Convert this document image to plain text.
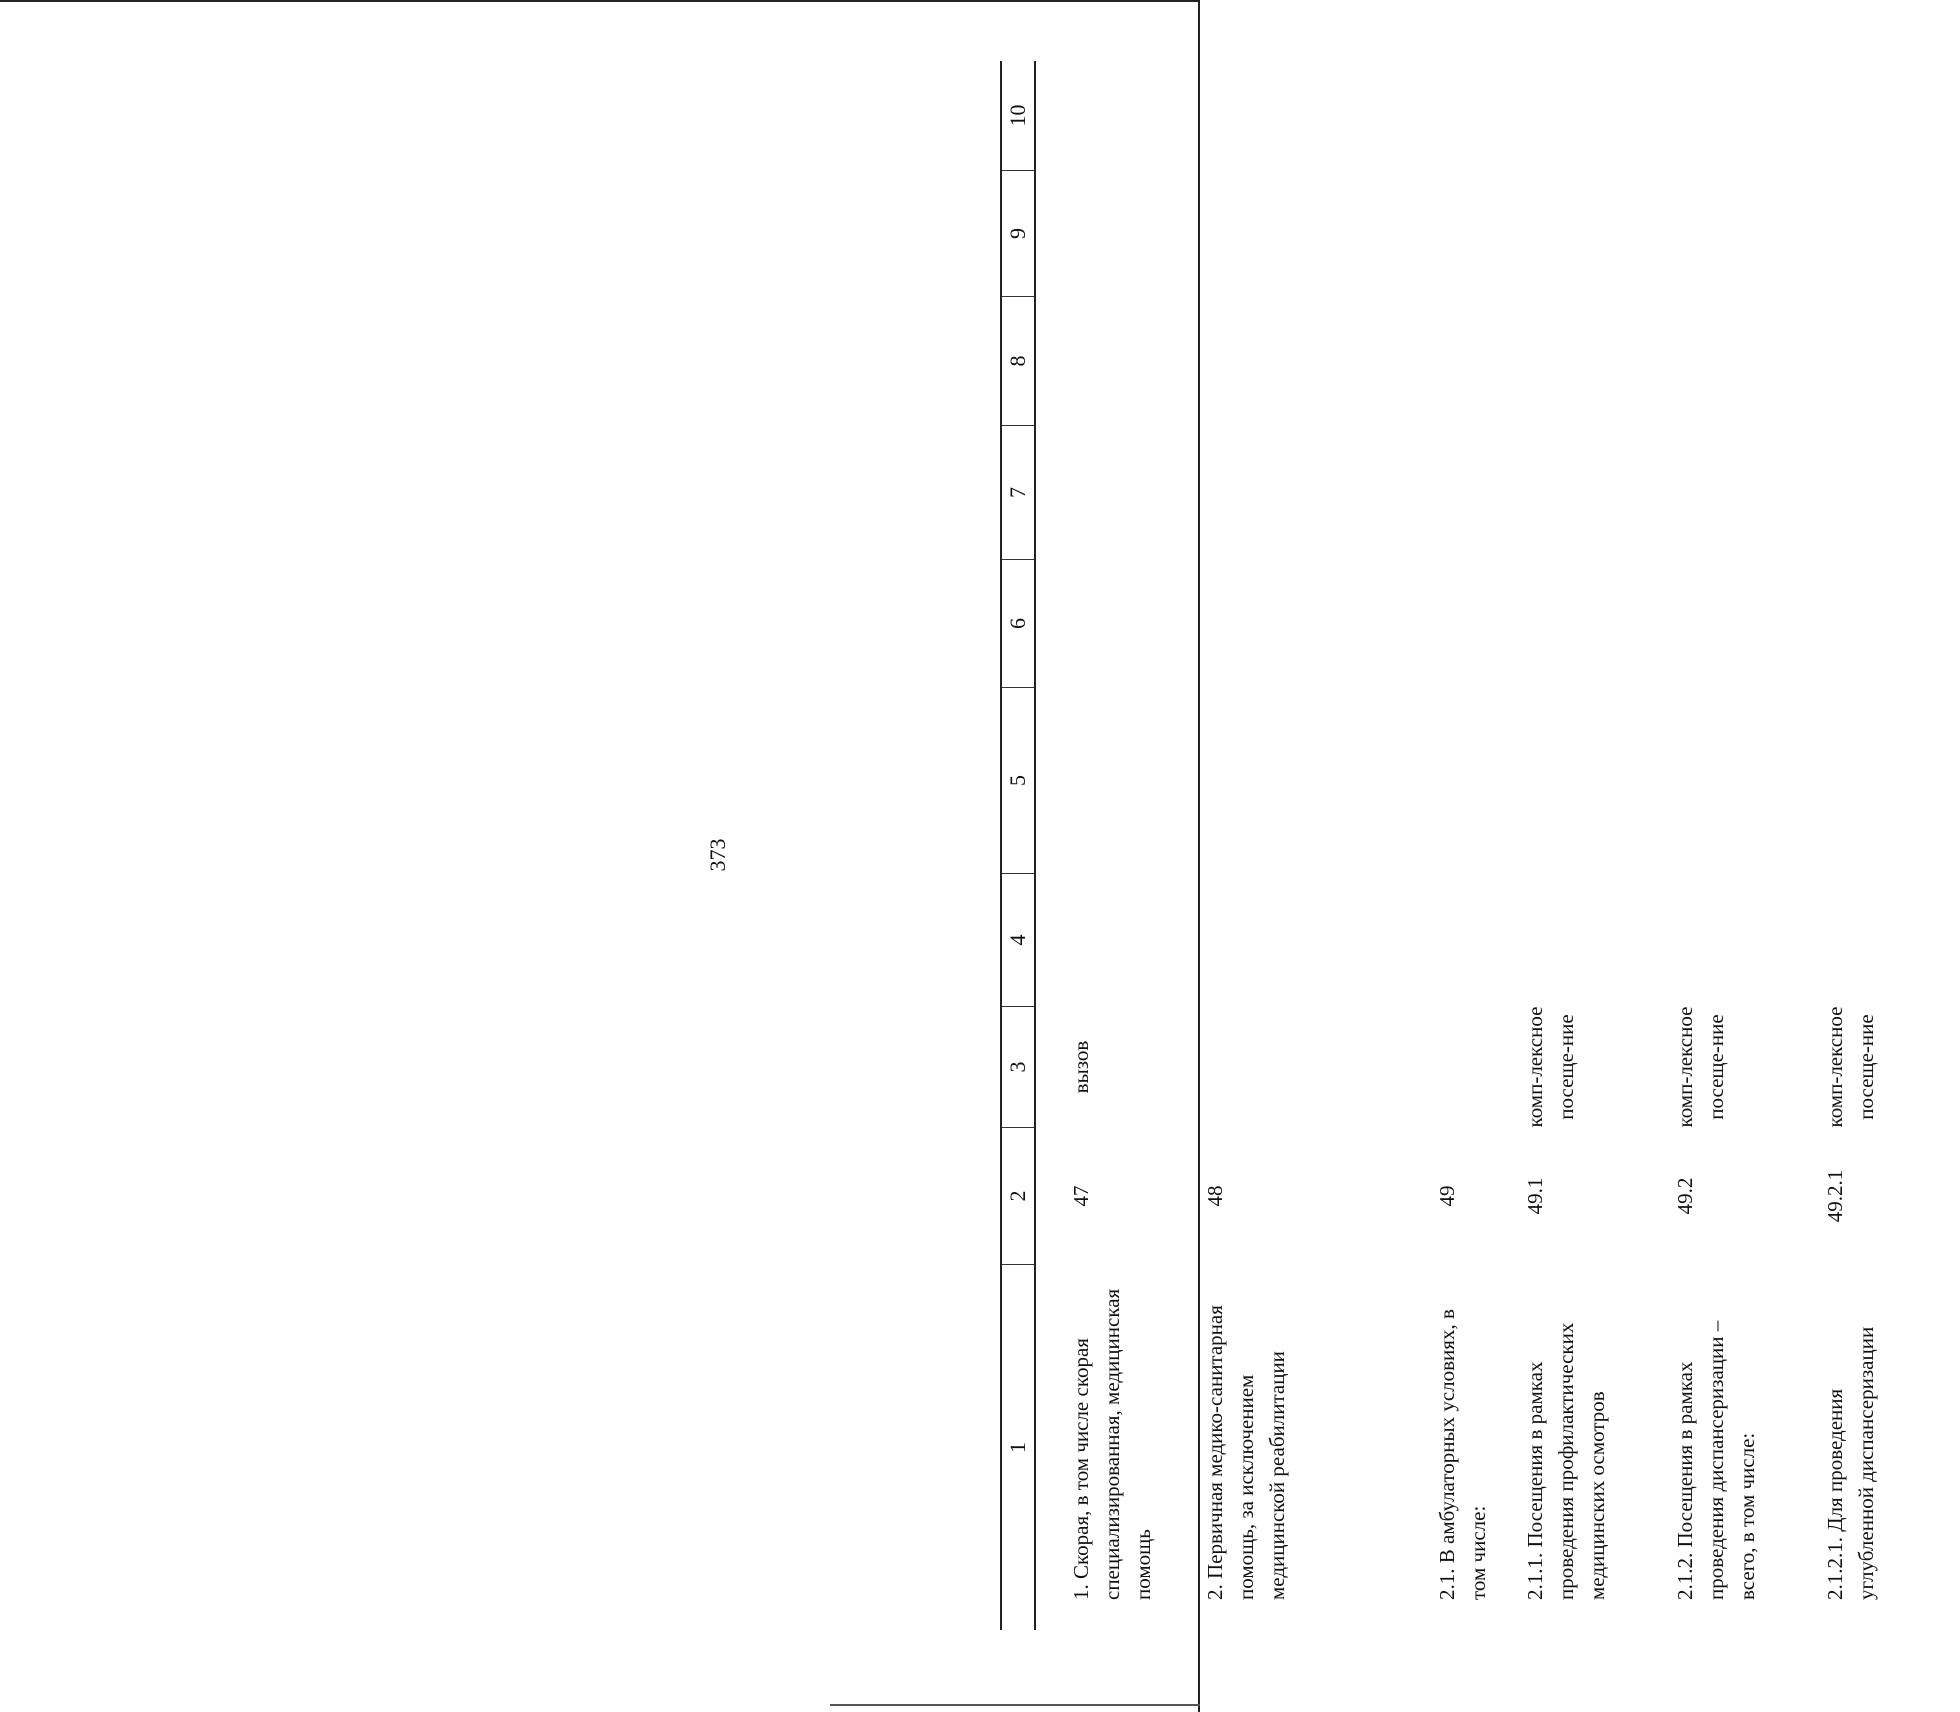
373
1	2	3	4	5	6	7	8	9	10
1. Скорая, в том числе скорая специализированная, медицинская помощь	47	вызов							
2. Первичная медико-санитарная помощь, за исключением медицинской реабилитации	48								
2.1. В амбулаторных условиях, в том числе:	49								
2.1.1. Посещения в рамках проведения профилактических медицинских осмотров	49.1	комп-лексное посеще-ние							
2.1.2. Посещения в рамках проведения диспансеризации – всего, в том числе:	49.2	комп-лексное посеще-ние							
2.1.2.1. Для проведения углубленной диспансеризации	49.2.1	комп-лексное посеще-ние							
